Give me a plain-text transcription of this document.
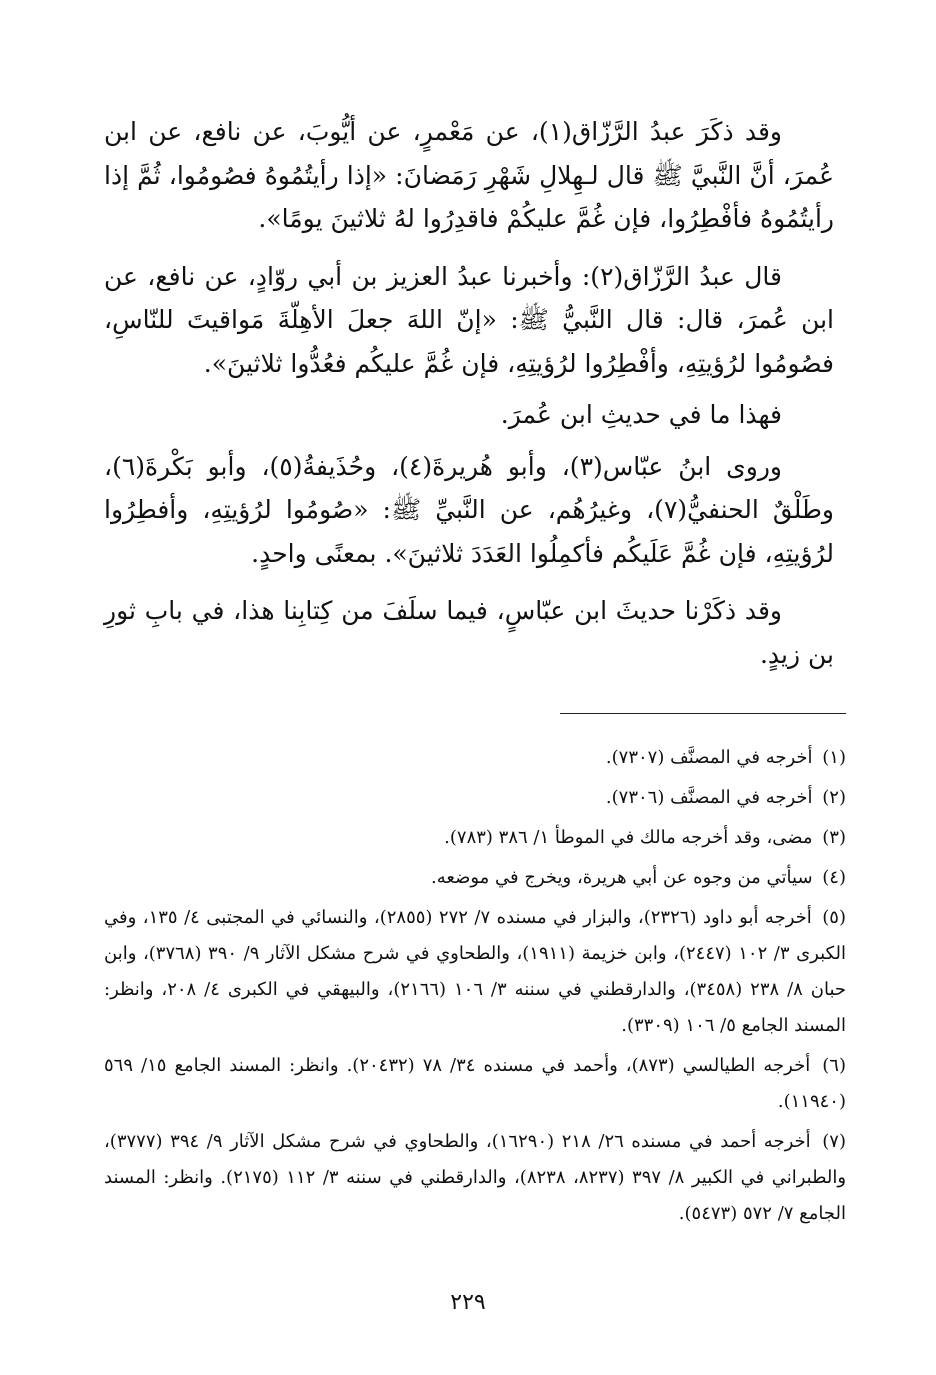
وقد ذكَرَ عبدُ الرَّزّاق(١)، عن مَعْمرٍ، عن أيُّوبَ، عن نافع، عن ابن عُمرَ، أنَّ النَّبيَّ ﷺ قال لـهِلالِ شَهْرِ رَمَضانَ: «إذا رأيتُمُوهُ فصُومُوا، ثُمَّ إذا رأيتُمُوهُ فأفْطِرُوا، فإن غُمَّ عليكُمْ فاقدِرُوا لهُ ثلاثينَ يومًا».

قال عبدُ الرَّزّاق(٢): وأخبرنا عبدُ العزيز بن أبي روّادٍ، عن نافع، عن ابن عُمرَ، قال: قال النَّبيُّ ﷺ: «إنّ اللهَ جعلَ الأهِلّةَ مَواقيتَ للنّاسِ، فصُومُوا لرُؤيتِهِ، وأفْطِرُوا لرُؤيتِهِ، فإن غُمَّ عليكُم فعُدُّوا ثلاثينَ».

فهذا ما في حديثِ ابن عُمرَ.

وروى ابنُ عبّاس(٣)، وأبو هُريرةَ(٤)، وحُذَيفةُ(٥)، وأبو بَكْرةَ(٦)، وطَلْقٌ الحنفيُّ(٧)، وغيرُهُم، عن النَّبيِّ ﷺ: «صُومُوا لرُؤيتِهِ، وأفطِرُوا لرُؤيتِهِ، فإن غُمَّ عَلَيكُم فأكمِلُوا العَدَدَ ثلاثينَ». بمعنًى واحدٍ.

وقد ذكَرْنا حديثَ ابن عبّاسٍ، فيما سلَفَ من كِتابِنا هذا، في بابِ ثورِ بن زيدٍ.

(١) أخرجه في المصنَّف (٧٣٠٧).
(٢) أخرجه في المصنَّف (٧٣٠٦).
(٣) مضى، وقد أخرجه مالك في الموطأ ١/ ٣٨٦ (٧٨٣).
(٤) سيأتي من وجوه عن أبي هريرة، ويخرج في موضعه.
(٥) أخرجه أبو داود (٢٣٢٦)، والبزار في مسنده ٧/ ٢٧٢ (٢٨٥٥)، والنسائي في المجتبى ٤/ ١٣٥، وفي الكبرى ٣/ ١٠٢ (٢٤٤٧)، وابن خزيمة (١٩١١)، والطحاوي في شرح مشكل الآثار ٩/ ٣٩٠ (٣٧٦٨)، وابن حبان ٨/ ٢٣٨ (٣٤٥٨)، والدارقطني في سننه ٣/ ١٠٦ (٢١٦٦)، والبيهقي في الكبرى ٤/ ٢٠٨، وانظر: المسند الجامع ٥/ ١٠٦ (٣٣٠٩).
(٦) أخرجه الطيالسي (٨٧٣)، وأحمد في مسنده ٣٤/ ٧٨ (٢٠٤٣٢). وانظر: المسند الجامع ١٥/ ٥٦٩ (١١٩٤٠).
(٧) أخرجه أحمد في مسنده ٢٦/ ٢١٨ (١٦٢٩٠)، والطحاوي في شرح مشكل الآثار ٩/ ٣٩٤ (٣٧٧٧)، والطبراني في الكبير ٨/ ٣٩٧ (٨٢٣٧، ٨٢٣٨)، والدارقطني في سننه ٣/ ١١٢ (٢١٧٥). وانظر: المسند الجامع ٧/ ٥٧٢ (٥٤٧٣).
٢٢٩
